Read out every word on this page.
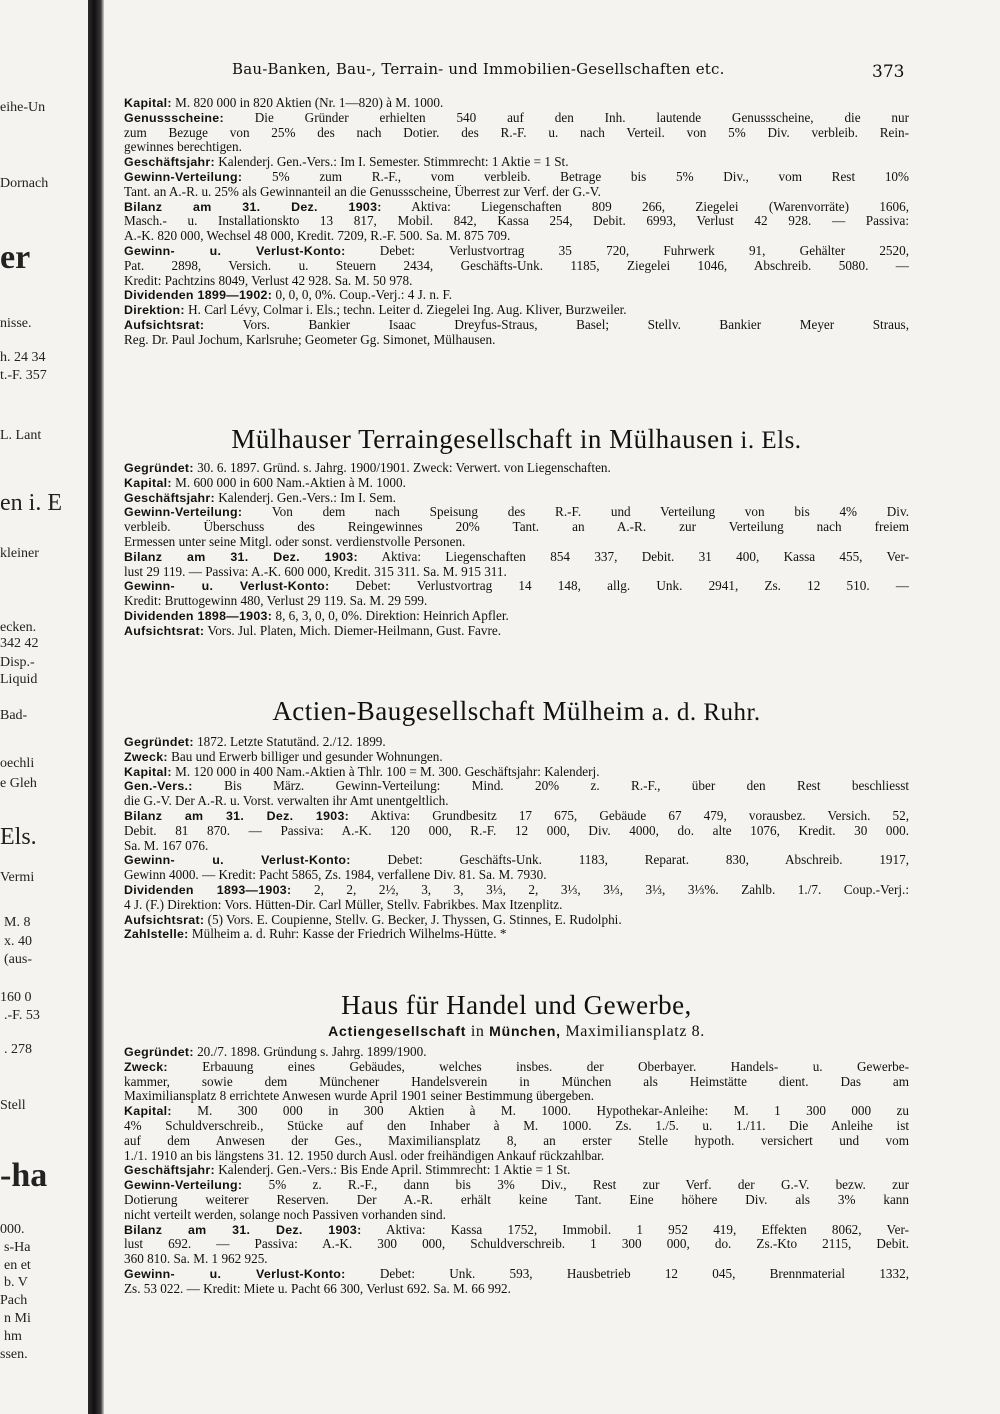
eihe-Un
Dornach
er
nisse.
h. 24 34
t.-F. 357
L. Lant
en i. E
kleiner
ecken.
342 42
Disp.-
Liquid
Bad-
oechli
e Gleh
Els.
Vermi
M. 8
x. 40
(aus-
160 0
.-F. 53
. 278
Stell
-ha
000.
s-Ha
en et
b. V
Pach
n Mi
hm
ssen.
Bau-Banken, Bau-, Terrain- und Immobilien-Gesellschaften etc.	373
Kapital: M. 820 000 in 820 Aktien (Nr. 1—820) à M. 1000.
Genussscheine: Die Gründer erhielten 540 auf den Inh. lautende Genussscheine, die nur
zum Bezuge von 25% des nach Dotier. des R.-F. u. nach Verteil. von 5% Div. verbleib. Rein-
gewinnes berechtigen.
Geschäftsjahr: Kalenderj. Gen.-Vers.: Im I. Semester. Stimmrecht: 1 Aktie = 1 St.
Gewinn-Verteilung: 5% zum R.-F., vom verbleib. Betrage bis 5% Div., vom Rest 10%
Tant. an A.-R. u. 25% als Gewinnanteil an die Genussscheine, Überrest zur Verf. der G.-V.
Bilanz am 31. Dez. 1903: Aktiva: Liegenschaften 809 266, Ziegelei (Warenvorräte) 1606,
Masch.- u. Installationskto 13 817, Mobil. 842, Kassa 254, Debit. 6993, Verlust 42 928. — Passiva:
A.-K. 820 000, Wechsel 48 000, Kredit. 7209, R.-F. 500. Sa. M. 875 709.
Gewinn- u. Verlust-Konto: Debet: Verlustvortrag 35 720, Fuhrwerk 91, Gehälter 2520,
Pat. 2898, Versich. u. Steuern 2434, Geschäfts-Unk. 1185, Ziegelei 1046, Abschreib. 5080. —
Kredit: Pachtzins 8049, Verlust 42 928. Sa. M. 50 978.
Dividenden 1899—1902: 0, 0, 0, 0%. Coup.-Verj.: 4 J. n. F.
Direktion: H. Carl Lévy, Colmar i. Els.; techn. Leiter d. Ziegelei Ing. Aug. Kliver, Burzweiler.
Aufsichtsrat: Vors. Bankier Isaac Dreyfus-Straus, Basel; Stellv. Bankier Meyer Straus,
Reg. Dr. Paul Jochum, Karlsruhe; Geometer Gg. Simonet, Mülhausen.
Mülhauser Terraingesellschaft in Mülhausen i. Els.
Gegründet: 30. 6. 1897. Gründ. s. Jahrg. 1900/1901. Zweck: Verwert. von Liegenschaften.
Kapital: M. 600 000 in 600 Nam.-Aktien à M. 1000.
Geschäftsjahr: Kalenderj. Gen.-Vers.: Im I. Sem.
Gewinn-Verteilung: Von dem nach Speisung des R.-F. und Verteilung von bis 4% Div.
verbleib. Überschuss des Reingewinnes 20% Tant. an A.-R. zur Verteilung nach freiem
Ermessen unter seine Mitgl. oder sonst. verdienstvolle Personen.
Bilanz am 31. Dez. 1903: Aktiva: Liegenschaften 854 337, Debit. 31 400, Kassa 455, Ver-
lust 29 119. — Passiva: A.-K. 600 000, Kredit. 315 311. Sa. M. 915 311.
Gewinn- u. Verlust-Konto: Debet: Verlustvortrag 14 148, allg. Unk. 2941, Zs. 12 510. —
Kredit: Bruttogewinn 480, Verlust 29 119. Sa. M. 29 599.
Dividenden 1898—1903: 8, 6, 3, 0, 0, 0%. Direktion: Heinrich Apfler.
Aufsichtsrat: Vors. Jul. Platen, Mich. Diemer-Heilmann, Gust. Favre.
Actien-Baugesellschaft Mülheim a. d. Ruhr.
Gegründet: 1872. Letzte Statutänd. 2./12. 1899.
Zweck: Bau und Erwerb billiger und gesunder Wohnungen.
Kapital: M. 120 000 in 400 Nam.-Aktien à Thlr. 100 = M. 300. Geschäftsjahr: Kalenderj.
Gen.-Vers.: Bis März. Gewinn-Verteilung: Mind. 20% z. R.-F., über den Rest beschliesst
die G.-V. Der A.-R. u. Vorst. verwalten ihr Amt unentgeltlich.
Bilanz am 31. Dez. 1903: Aktiva: Grundbesitz 17 675, Gebäude 67 479, vorausbez. Versich. 52,
Debit. 81 870. — Passiva: A.-K. 120 000, R.-F. 12 000, Div. 4000, do. alte 1076, Kredit. 30 000.
Sa. M. 167 076.
Gewinn- u. Verlust-Konto: Debet: Geschäfts-Unk. 1183, Reparat. 830, Abschreib. 1917,
Gewinn 4000. — Kredit: Pacht 5865, Zs. 1984, verfallene Div. 81. Sa. M. 7930.
Dividenden 1893—1903: 2, 2, 2½, 3, 3, 3⅓, 2, 3⅓, 3⅓, 3⅓, 3⅓%. Zahlb. 1./7. Coup.-Verj.:
4 J. (F.) Direktion: Vors. Hütten-Dir. Carl Müller, Stellv. Fabrikbes. Max Itzenplitz.
Aufsichtsrat: (5) Vors. E. Coupienne, Stellv. G. Becker, J. Thyssen, G. Stinnes, E. Rudolphi.
Zahlstelle: Mülheim a. d. Ruhr: Kasse der Friedrich Wilhelms-Hütte. *
Haus für Handel und Gewerbe,
Actiengesellschaft in München, Maximiliansplatz 8.
Gegründet: 20./7. 1898. Gründung s. Jahrg. 1899/1900.
Zweck: Erbauung eines Gebäudes, welches insbes. der Oberbayer. Handels- u. Gewerbe-
kammer, sowie dem Münchener Handelsverein in München als Heimstätte dient. Das am
Maximiliansplatz 8 errichtete Anwesen wurde April 1901 seiner Bestimmung übergeben.
Kapital: M. 300 000 in 300 Aktien à M. 1000. Hypothekar-Anleihe: M. 1 300 000 zu
4% Schuldverschreib., Stücke auf den Inhaber à M. 1000. Zs. 1./5. u. 1./11. Die Anleihe ist
auf dem Anwesen der Ges., Maximiliansplatz 8, an erster Stelle hypoth. versichert und vom
1./1. 1910 an bis längstens 31. 12. 1950 durch Ausl. oder freihändigen Ankauf rückzahlbar.
Geschäftsjahr: Kalenderj. Gen.-Vers.: Bis Ende April. Stimmrecht: 1 Aktie = 1 St.
Gewinn-Verteilung: 5% z. R.-F., dann bis 3% Div., Rest zur Verf. der G.-V. bezw. zur
Dotierung weiterer Reserven. Der A.-R. erhält keine Tant. Eine höhere Div. als 3% kann
nicht verteilt werden, solange noch Passiven vorhanden sind.
Bilanz am 31. Dez. 1903: Aktiva: Kassa 1752, Immobil. 1 952 419, Effekten 8062, Ver-
lust 692. — Passiva: A.-K. 300 000, Schuldverschreib. 1 300 000, do. Zs.-Kto 2115, Debit.
360 810. Sa. M. 1 962 925.
Gewinn- u. Verlust-Konto: Debet: Unk. 593, Hausbetrieb 12 045, Brennmaterial 1332,
Zs. 53 022. — Kredit: Miete u. Pacht 66 300, Verlust 692. Sa. M. 66 992.
